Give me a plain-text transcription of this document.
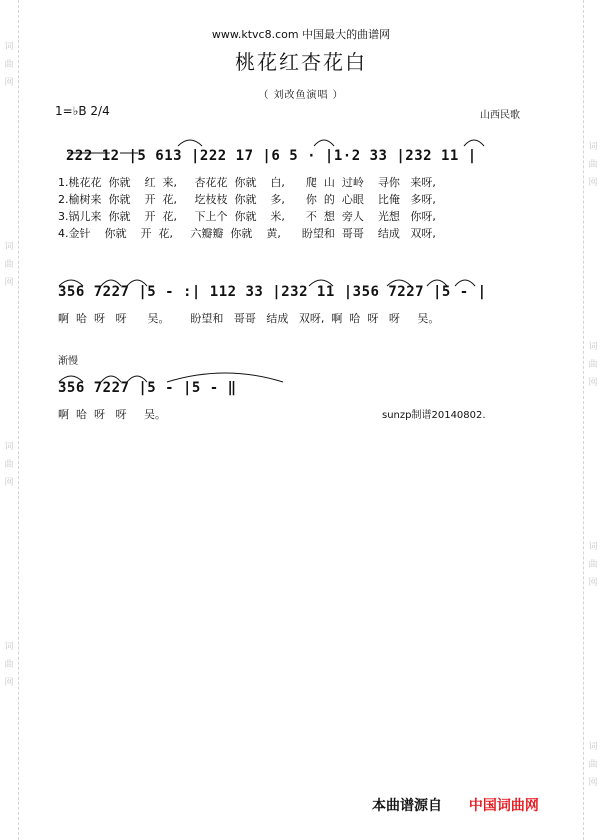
词
曲
网
词
曲
网
词
曲
网
词
曲
网
词
曲
网
词
曲
网
词
曲
网
词
曲
网
www.ktvc8.com 中国最大的曲谱网
桃花红杏花白
（ 刘改鱼演唱 ）
1=♭B 2/4	山西民歌
222 12 |5 613 |222 17 |6 5 · |1·2 33 |232 11 |
1.桃花花  你就    红  来,     杏花花  你就    白,      爬  山  过岭    寻你   来呀,
2.榆树来  你就    开  花,     圪枝枝  你就    多,      你  的  心眼    比俺   多呀,
3.锅儿来  你就    开  花,     下上个  你就    米,      不  想  旁人    光想   你呀,
4.金针    你就    开  花,     六瓣瓣  你就    黄,      盼望和  哥哥    结成   双呀,
356 7227 |5 - :| 112 33 |232 11 |356 7227 |5 - |
啊  哈  呀   呀      吴。      盼望和   哥哥   结成   双呀,  啊  哈  呀   呀     吴。
渐慢
356 7227 |5 - |5 - ‖
啊  哈  呀   呀     吴。	sunzp制谱20140802.
本曲谱源自 中国词曲网
